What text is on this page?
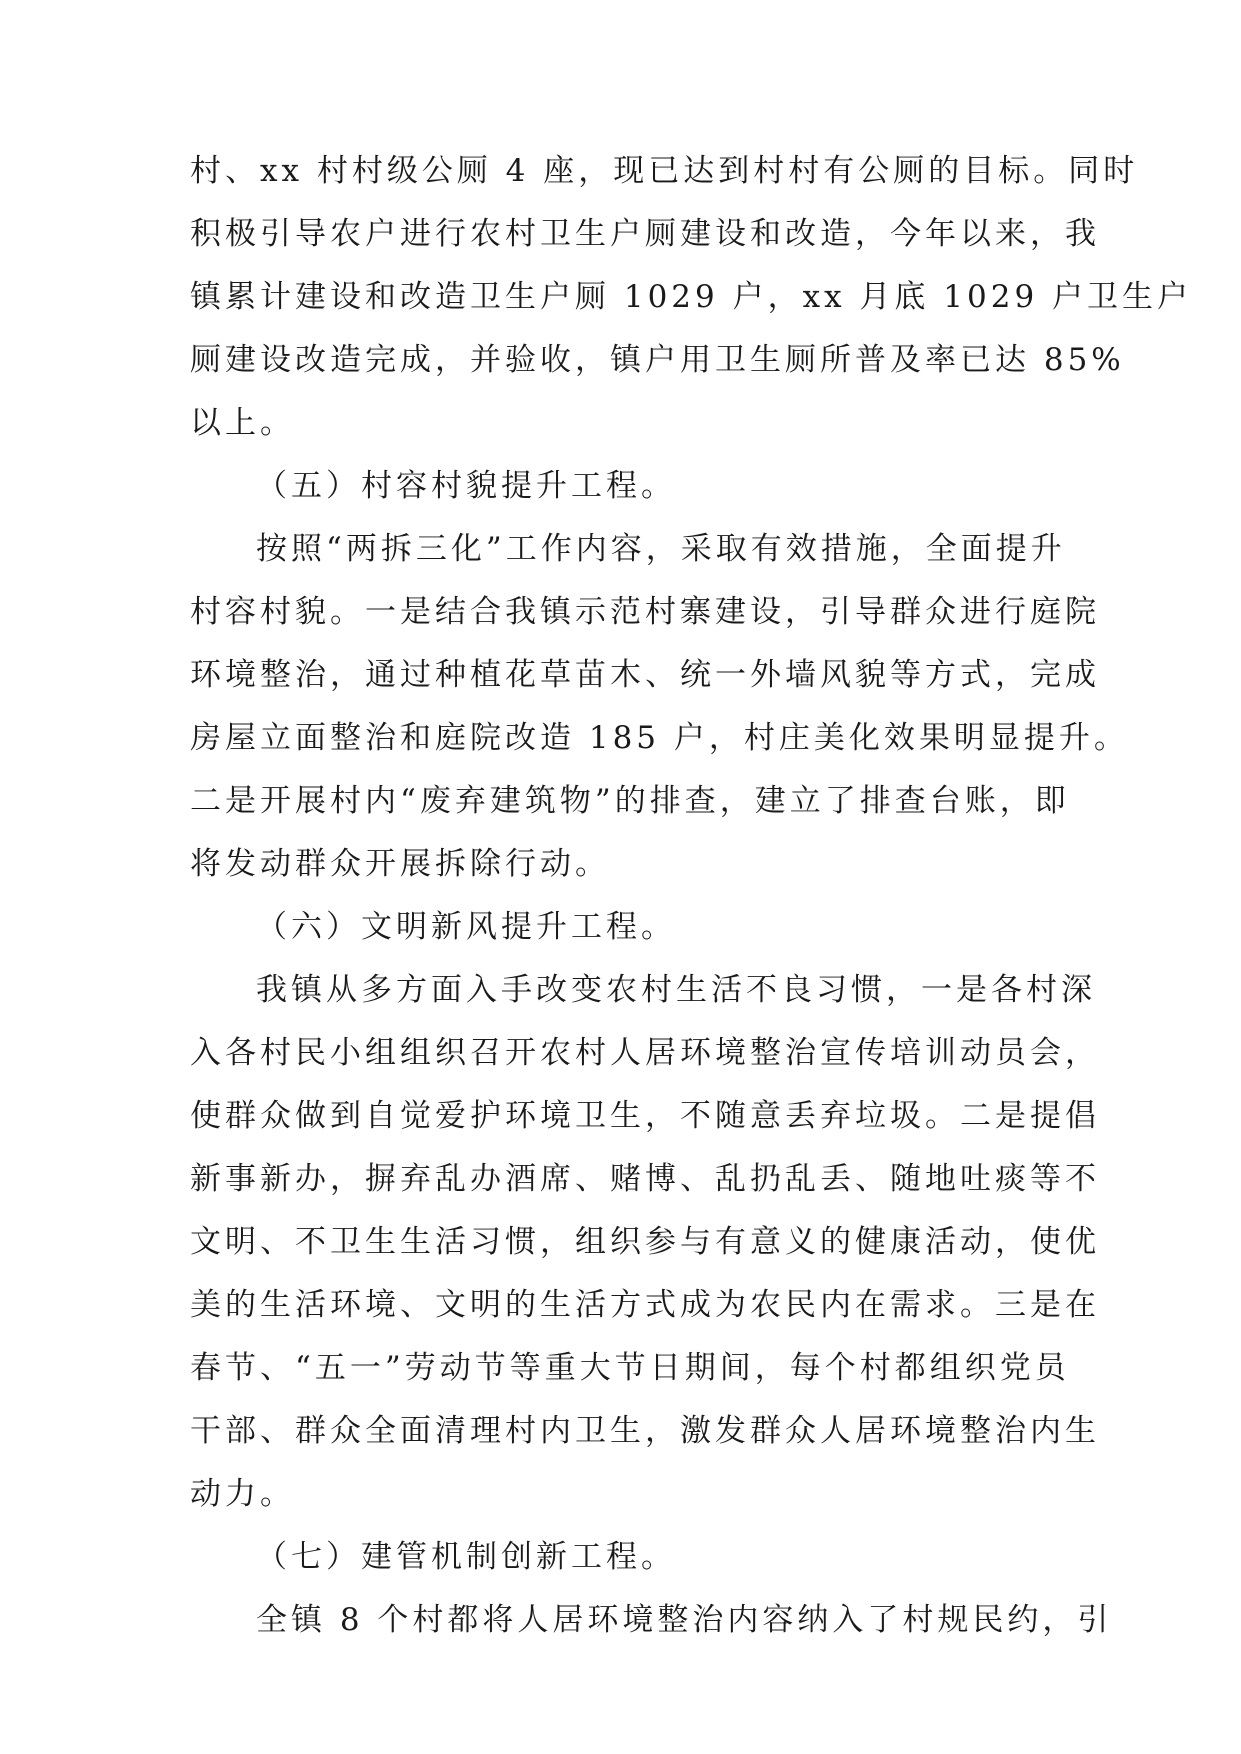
村、xx 村村级公厕 4 座，现已达到村村有公厕的目标。同时
积极引导农户进行农村卫生户厕建设和改造，今年以来，我
镇累计建设和改造卫生户厕 1029 户，xx 月底 1029 户卫生户
厕建设改造完成，并验收，镇户用卫生厕所普及率已达 85%
以上。
（五）村容村貌提升工程。
按照“两拆三化”工作内容，采取有效措施，全面提升
村容村貌。一是结合我镇示范村寨建设，引导群众进行庭院
环境整治，通过种植花草苗木、统一外墙风貌等方式，完成
房屋立面整治和庭院改造 185 户，村庄美化效果明显提升。
二是开展村内“废弃建筑物”的排查，建立了排查台账，即
将发动群众开展拆除行动。
（六）文明新风提升工程。
我镇从多方面入手改变农村生活不良习惯，一是各村深
入各村民小组组织召开农村人居环境整治宣传培训动员会，
使群众做到自觉爱护环境卫生，不随意丢弃垃圾。二是提倡
新事新办，摒弃乱办酒席、赌博、乱扔乱丢、随地吐痰等不
文明、不卫生生活习惯，组织参与有意义的健康活动，使优
美的生活环境、文明的生活方式成为农民内在需求。三是在
春节、“五一”劳动节等重大节日期间，每个村都组织党员
干部、群众全面清理村内卫生，激发群众人居环境整治内生
动力。
（七）建管机制创新工程。
全镇 8 个村都将人居环境整治内容纳入了村规民约，引
